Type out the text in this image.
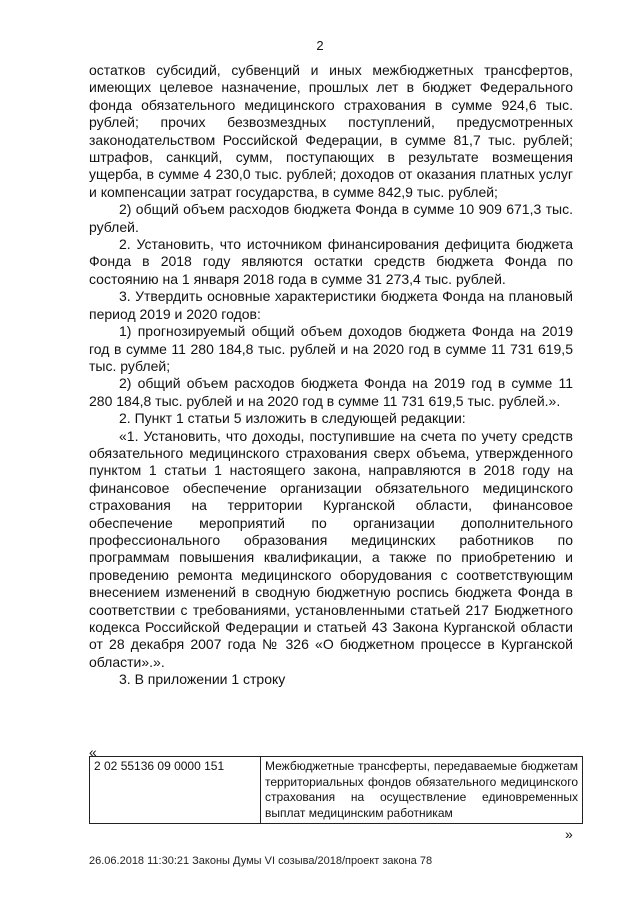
2

остатков субсидий, субвенций и иных межбюджетных трансфертов, имеющих целевое назначение, прошлых лет в бюджет Федерального фонда обязательного медицинского страхования в сумме 924,6 тыс. рублей; прочих безвозмездных поступлений, предусмотренных законодательством Российской Федерации, в сумме 81,7 тыс. рублей; штрафов, санкций, сумм, поступающих в результате возмещения ущерба, в сумме 4 230,0 тыс. рублей; доходов от оказания платных услуг и компенсации затрат государства, в сумме 842,9 тыс. рублей;

2) общий объем расходов бюджета Фонда в сумме 10 909 671,3 тыс. рублей.

2. Установить, что источником финансирования дефицита бюджета Фонда в 2018 году являются остатки средств бюджета Фонда по состоянию на 1 января 2018 года в сумме 31 273,4 тыс. рублей.

3. Утвердить основные характеристики бюджета Фонда на плановый период 2019 и 2020 годов:

1) прогнозируемый общий объем доходов бюджета Фонда на 2019 год в сумме 11 280 184,8 тыс. рублей и на 2020 год в сумме 11 731 619,5 тыс. рублей;

2) общий объем расходов бюджета Фонда на 2019 год в сумме 11 280 184,8 тыс. рублей и на 2020 год в сумме 11 731 619,5 тыс. рублей.».

2. Пункт 1 статьи 5 изложить в следующей редакции:

«1. Установить, что доходы, поступившие на счета по учету средств обязательного медицинского страхования сверх объема, утвержденного пунктом 1 статьи 1 настоящего закона, направляются в 2018 году на финансовое обеспечение организации обязательного медицинского страхования на территории Курганской области, финансовое обеспечение мероприятий по организации дополнительного профессионального образования медицинских работников по программам повышения квалификации, а также по приобретению и проведению ремонта медицинского оборудования с соответствующим внесением изменений в сводную бюджетную роспись бюджета Фонда в соответствии с требованиями, установленными статьей 217 Бюджетного кодекса Российской Федерации и статьей 43 Закона Курганской области от 28 декабря 2007 года № 326 «О бюджетном процессе в Курганской области».».

3. В приложении 1 строку

«
2 02 55136 09 0000 151	Межбюджетные трансферты, передаваемые бюджетам территориальных фондов обязательного медицинского страхования на осуществление единовременных выплат медицинским работникам
»
26.06.2018 11:30:21 Законы Думы VI созыва/2018/проект закона 78
